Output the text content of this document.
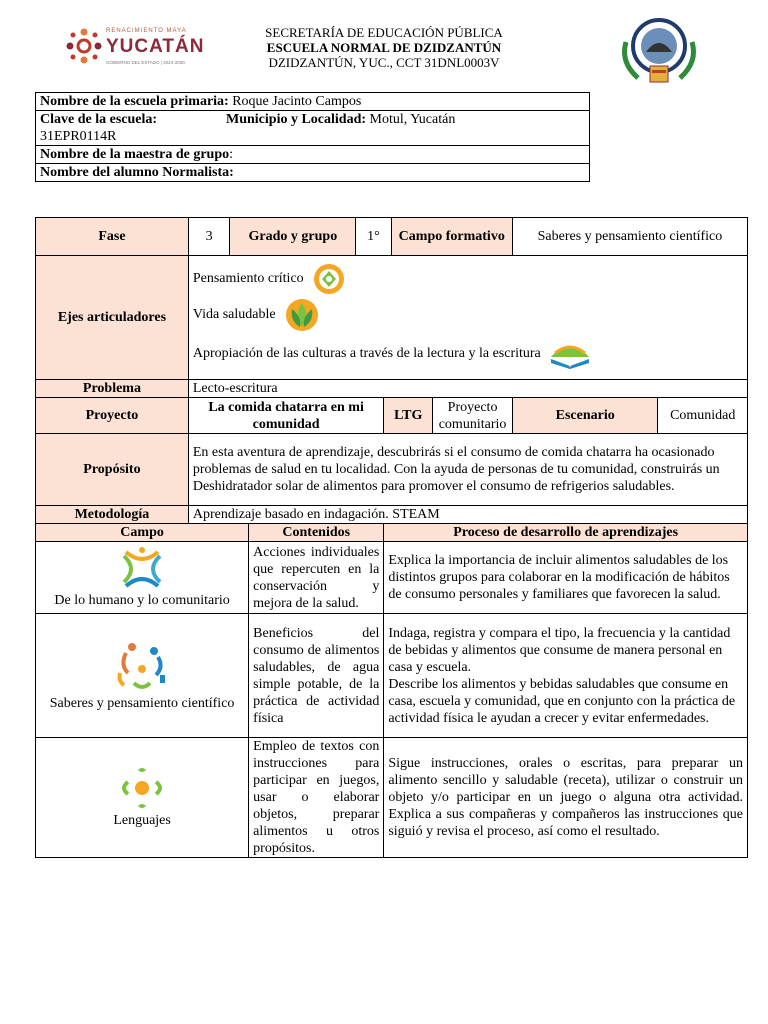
RENACIMIENTO MAYA
YUCATÁN
GOBIERNO DEL ESTADO | 2024-2030
SECRETARÍA DE EDUCACIÓN PÚBLICA
ESCUELA NORMAL DE DZIDZANTÚN
DZIDZANTÚN, YUC., CCT 31DNL0003V
Nombre de la escuela primaria: Roque Jacinto Campos

Clave de la escuela: 31EPR0114R
Municipio y Localidad: Motul, Yucatán

Nombre de la maestra de grupo:
Nombre del alumno Normalista:
Fase	3	Grado y grupo		1°		Campo formativo		Saberes y pensamiento científico	
Ejes articuladores	Pensamiento crítico
Vida saludable
Apropiación de las culturas a través de la lectura y la escritura								

Problema	Lecto-escritura								
Proyecto	La comida chatarra en mi comunidad				LTG		Proyecto comunitario	Escenario	Comunidad
Propósito	En esta aventura de aprendizaje, descubrirás si el consumo de comida chatarra ha ocasionado problemas de salud en tu localidad. Con la ayuda de personas de tu comunidad, construirás un Deshidratador solar de alimentos para promover el consumo de refrigerios saludables.								
Metodología	Aprendizaje basado en indagación. STEAM								
Campo			Contenidos		Proceso de desarrollo de aprendizajes				

De lo humano y lo comunitario			Acciones individuales que repercuten en la conservación y mejora de la salud.		Explica la importancia de incluir alimentos saludables de los distintos grupos para colaborar en la modificación de hábitos de consumo personales y familiares que favorecen la salud.				

Saberes y pensamiento científico			Beneficios del consumo de alimentos saludables, de agua simple potable, de la práctica de actividad física		Indaga, registra y compara el tipo, la frecuencia y la cantidad de bebidas y alimentos que consume de manera personal en casa y escuela.
Describe los alimentos y bebidas saludables que consume en casa, escuela y comunidad, que en conjunto con la práctica de actividad física le ayudan a crecer y evitar enfermedades.				

Lenguajes			Empleo de textos con instrucciones para participar en juegos, usar o elaborar objetos, preparar alimentos u otros propósitos.		Sigue instrucciones, orales o escritas, para preparar un alimento sencillo y saludable (receta), utilizar o construir un objeto y/o participar en un juego o alguna otra actividad. Explica a sus compañeras y compañeros las instrucciones que siguió y revisa el proceso, así como el resultado.				
